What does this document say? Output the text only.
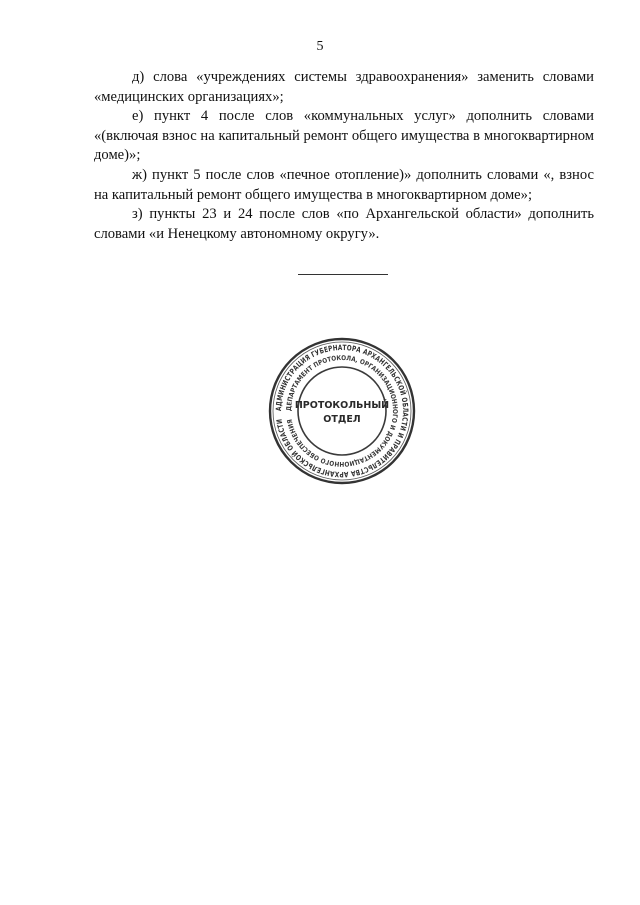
5

д) слова «учреждениях системы здравоохранения» заменить словами «медицинских организациях»;

е) пункт 4 после слов «коммунальных услуг» дополнить словами «(включая взнос на капитальный ремонт общего имущества в многоквартирном доме)»;

ж) пункт 5 после слов «печное отопление)» дополнить словами «, взнос на капитальный ремонт общего имущества в многоквартирном доме»;

з) пункты 23 и 24 после слов «по Архангельской области» дополнить словами «и Ненецкому автономному округу».

АДМИНИСТРАЦИЯ ГУБЕРНАТОРА АРХАНГЕЛЬСКОЙ ОБЛАСТИ И ПРАВИТЕЛЬСТВА АРХАНГЕЛЬСКОЙ ОБЛАСТИ
ДЕПАРТАМЕНТ ПРОТОКОЛА, ОРГАНИЗАЦИОННОГО И ДОКУМЕНТАЦИОННОГО ОБЕСПЕЧЕНИЯ
ПРОТОКОЛЬНЫЙ
ОТДЕЛ
